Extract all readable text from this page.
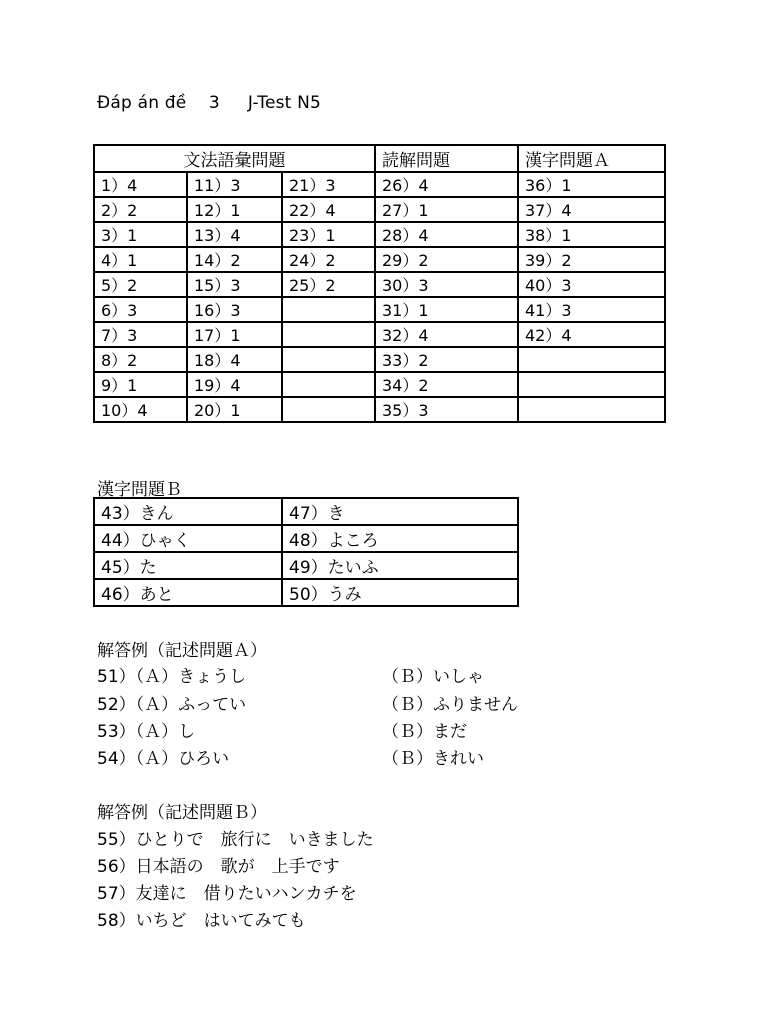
Đáp án đề    3     J-Test N5
文法語彙問題			読解問題	漢字問題Ａ
1）4	11）3	21）3	26）4	36）1
2）2	12）1	22）4	27）1	37）4
3）1	13）4	23）1	28）4	38）1
4）1	14）2	24）2	29）2	39）2
5）2	15）3	25）2	30）3	40）3
6）3	16）3		31）1	41）3
7）3	17）1		32）4	42）4
8）2	18）4		33）2	
9）1	19）4		34）2	
10）4	20）1		35）3	
漢字問題Ｂ
43）きん	47）き
44）ひゃく	48）よころ
45）た	49）たいふ
46）あと	50）うみ
解答例（記述問題Ａ）
51）（Ａ）きょうし	（Ｂ）いしゃ
52）（Ａ）ふってい	（Ｂ）ふりません
53）（Ａ）し	（Ｂ）まだ
54）（Ａ）ひろい	（Ｂ）きれい
解答例（記述問題Ｂ）
55）ひとりで　旅行に　いきました
56）日本語の　歌が　上手です
57）友達に　借りたいハンカチを
58）いちど　はいてみても
